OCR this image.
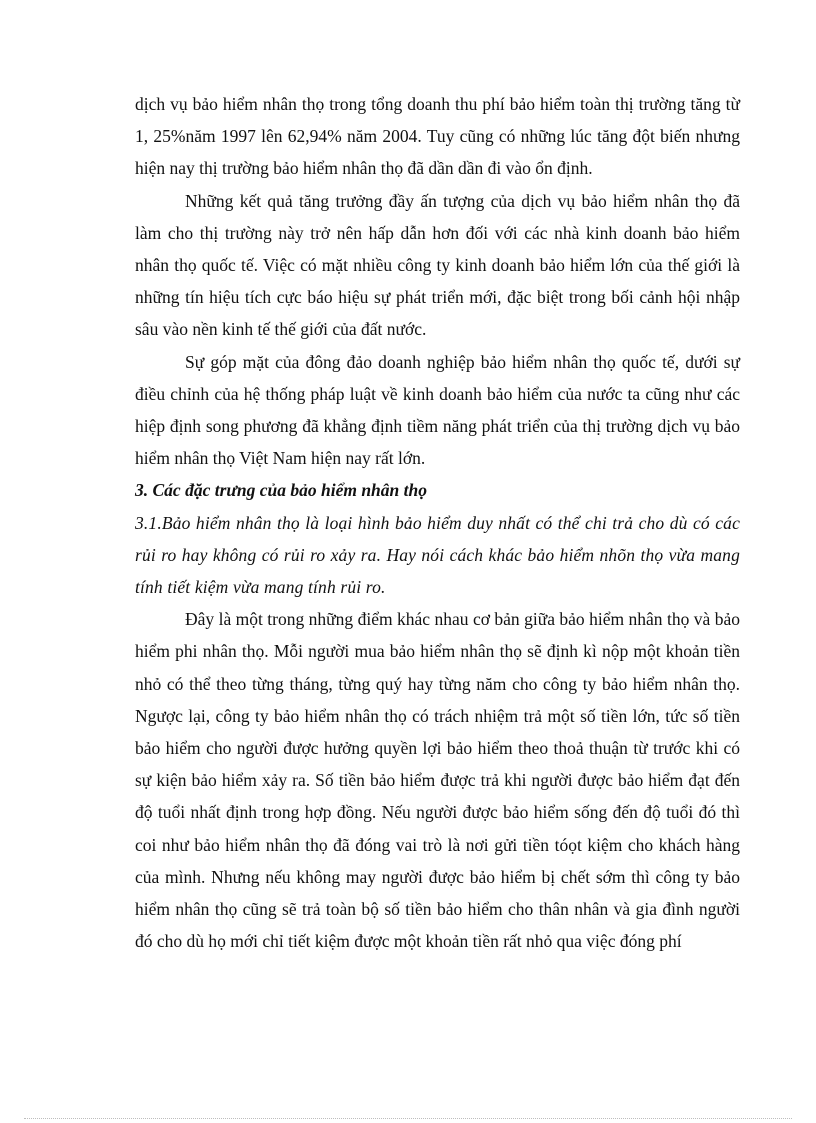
dịch vụ bảo hiểm nhân thọ trong tổng doanh thu phí bảo hiểm toàn thị trường tăng từ 1, 25%năm 1997 lên 62,94% năm 2004. Tuy cũng có những lúc tăng đột biến nhưng hiện nay thị trường bảo hiểm nhân thọ đã dần dần đi vào ổn định.

Những kết quả tăng trưởng đầy ấn tượng của dịch vụ bảo hiểm nhân thọ đã làm cho thị trường này trở nên hấp dẫn hơn đối với các nhà kinh doanh bảo hiểm nhân thọ quốc tế. Việc có mặt nhiều công ty kinh doanh bảo hiểm lớn của thế giới là những tín hiệu tích cực báo hiệu sự phát triển mới, đặc biệt trong bối cảnh hội nhập sâu vào nền kinh tế thế giới của đất nước.

Sự góp mặt của đông đảo doanh nghiệp bảo hiểm nhân thọ quốc tế, dưới sự điều chỉnh của hệ thống pháp luật về kinh doanh bảo hiểm của nước ta cũng như các hiệp định song phương đã khẳng định tiềm năng phát triển của thị trường dịch vụ bảo hiểm nhân thọ Việt Nam hiện nay rất lớn.

3. Các đặc trưng của bảo hiểm nhân thọ

3.1.Bảo hiểm nhân thọ là loại hình bảo hiểm duy nhất có thể chi trả cho dù có các rủi ro hay không có rủi ro xảy ra. Hay nói cách khác bảo hiểm nhõn thọ vừa mang tính tiết kiệm vừa mang tính rủi ro.

Đây là một trong những điểm khác nhau cơ bản giữa bảo hiểm nhân thọ và bảo hiểm phi nhân thọ. Mỗi người mua bảo hiểm nhân thọ sẽ định kì nộp một khoản tiền nhỏ có thể theo từng tháng, từng quý hay từng năm cho công ty bảo hiểm nhân thọ. Ngược lại, công ty bảo hiểm nhân thọ có trách nhiệm trả một số tiền lớn, tức số tiền bảo hiểm cho người được hưởng quyền lợi bảo hiểm theo thoả thuận từ trước khi có sự kiện bảo hiểm xảy ra. Số tiền bảo hiểm được trả khi người được bảo hiểm đạt đến độ tuổi nhất định trong hợp đồng. Nếu người được bảo hiểm sống đến độ tuổi đó thì coi như bảo hiểm nhân thọ đã đóng vai trò là nơi gửi tiền tóọt kiệm cho khách hàng của mình. Nhưng nếu không may người được bảo hiểm bị chết sớm thì công ty bảo hiểm nhân thọ cũng sẽ trả toàn bộ số tiền bảo hiểm cho thân nhân và gia đình người đó cho dù họ mới chỉ tiết kiệm được một khoản tiền rất nhỏ qua việc đóng phí
